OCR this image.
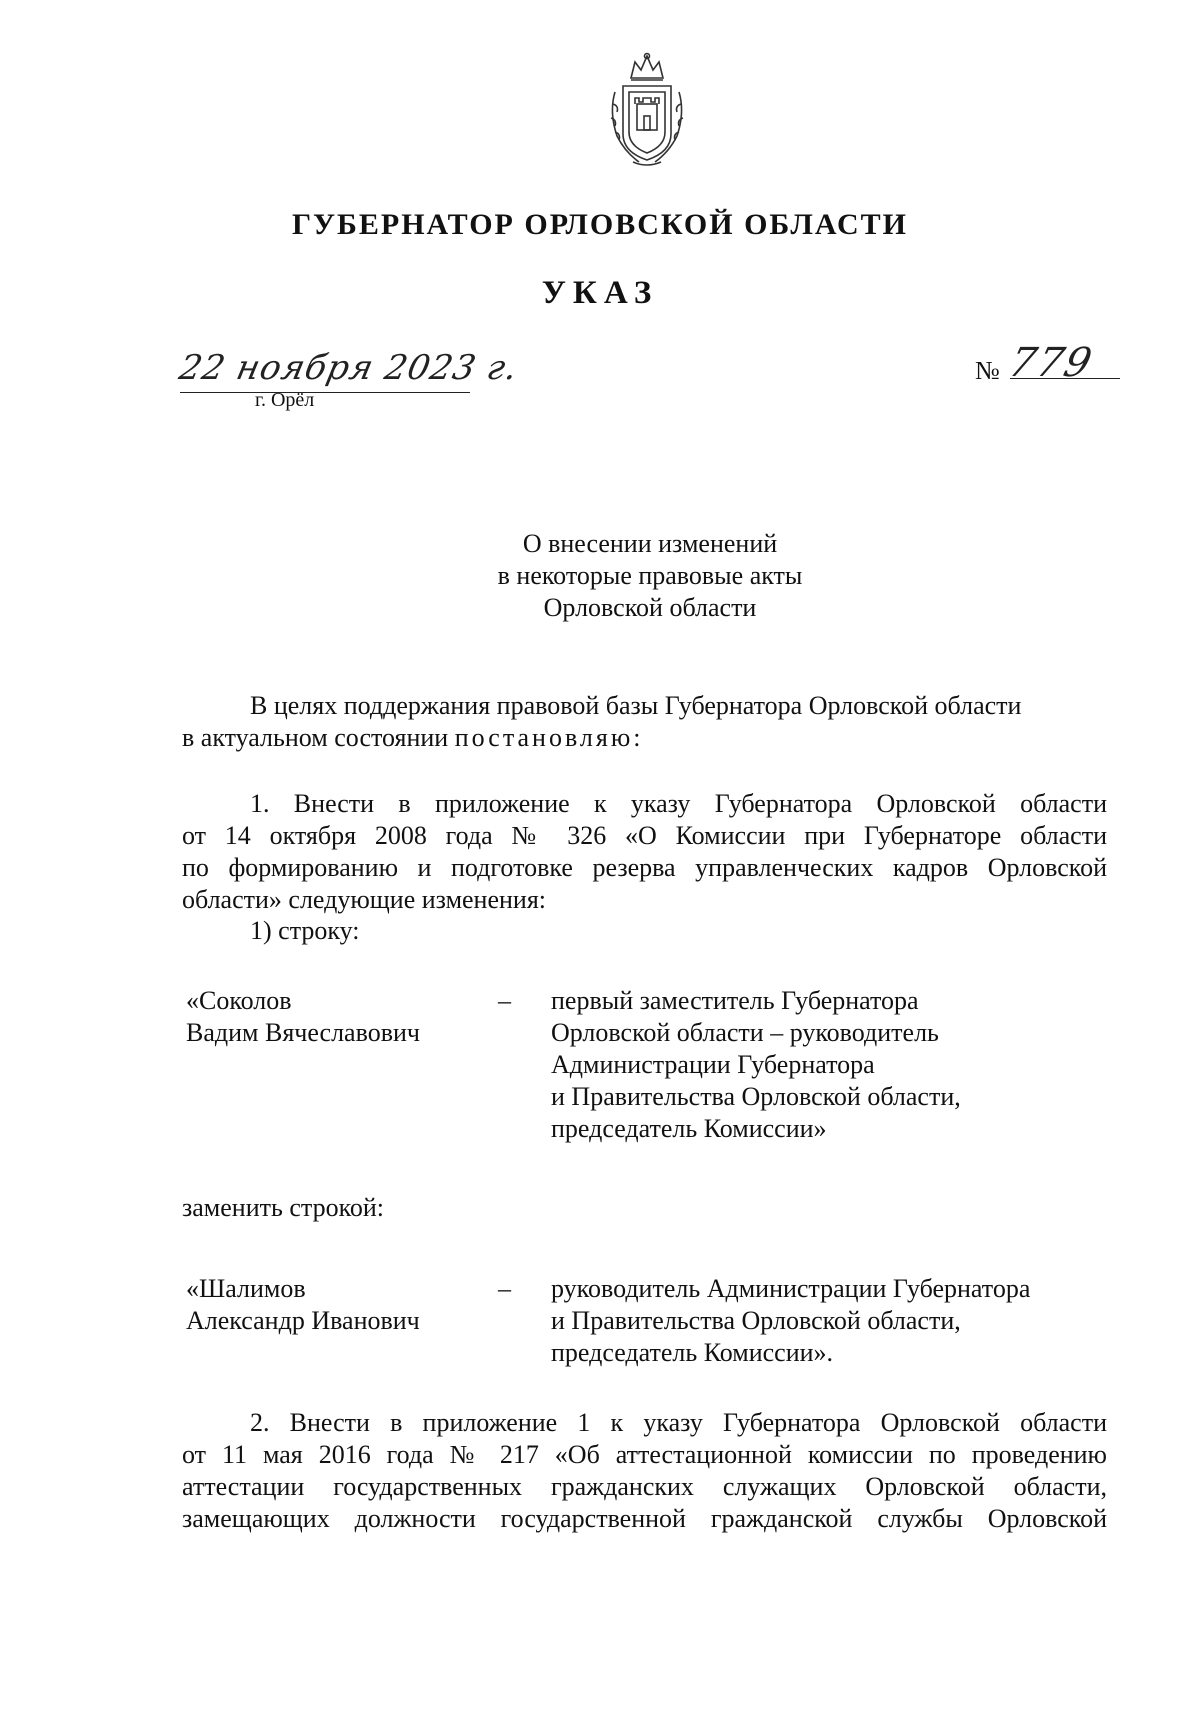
ГУБЕРНАТОР ОРЛОВСКОЙ ОБЛАСТИ
УКАЗ
22 ноября 2023 г.
г. Орёл
№ 779
О внесении изменений
в некоторые правовые акты
Орловской области
В целях поддержания правовой базы Губернатора Орловской области
в актуальном состоянии постановляю:
1. Внести в приложение к указу Губернатора Орловской области
от 14 октября 2008 года № 326 «О Комиссии при Губернаторе области
по формированию и подготовке резерва управленческих кадров Орловской
области» следующие изменения:
1) строку:
«Соколов
Вадим Вячеславович
– первый заместитель Губернатора
Орловской области – руководитель
Администрации Губернатора
и Правительства Орловской области,
председатель Комиссии»
заменить строкой:
«Шалимов
Александр Иванович
– руководитель Администрации Губернатора
и Правительства Орловской области,
председатель Комиссии».
2. Внести в приложение 1 к указу Губернатора Орловской области
от 11 мая 2016 года № 217 «Об аттестационной комиссии по проведению
аттестации государственных гражданских служащих Орловской области,
замещающих должности государственной гражданской службы Орловской
